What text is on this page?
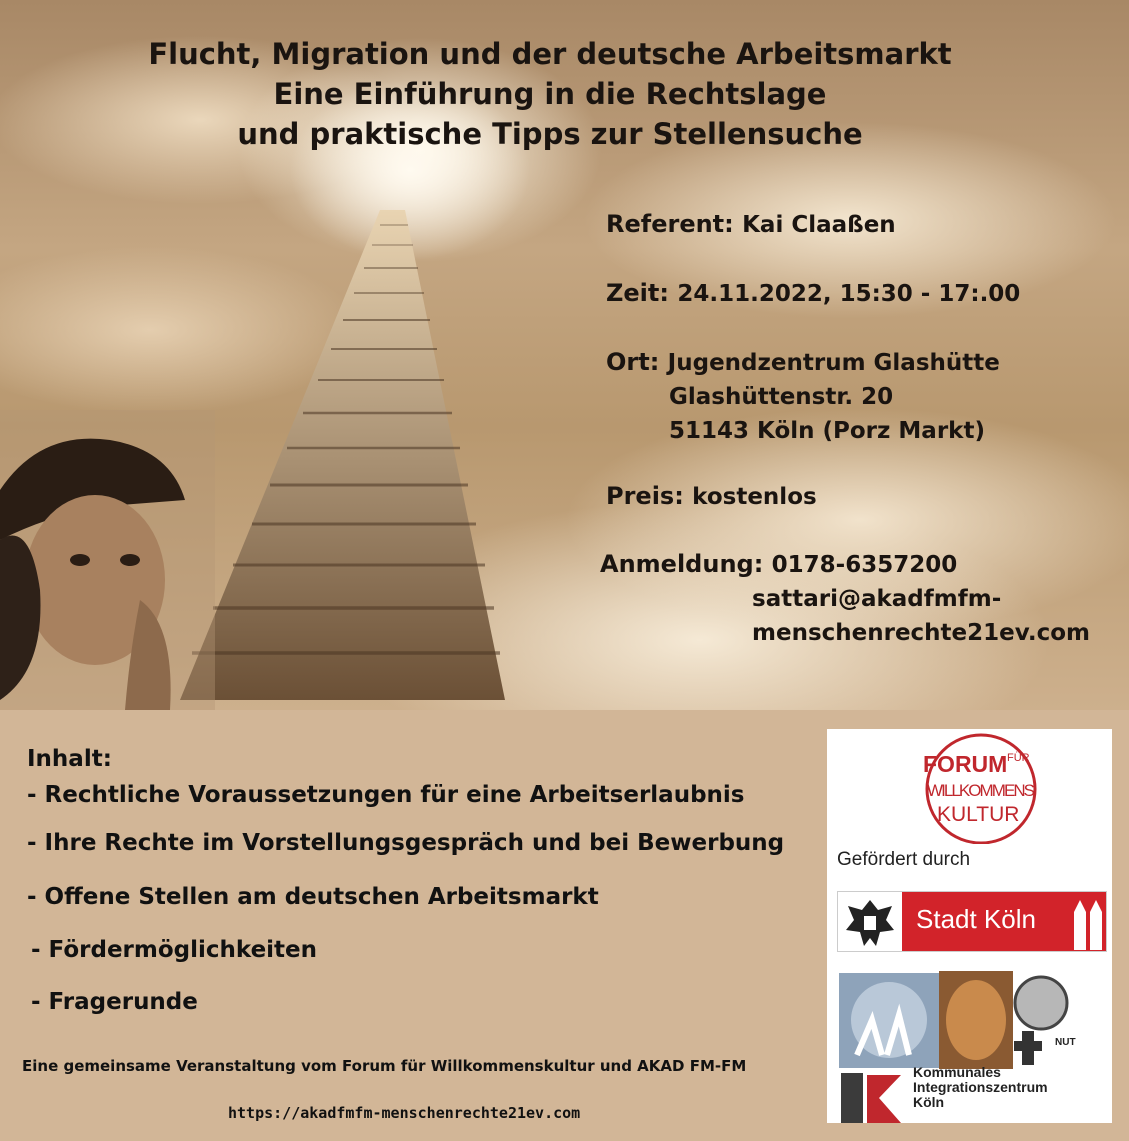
Flucht, Migration und der deutsche Arbeitsmarkt
Eine Einführung in die Rechtslage
und praktische Tipps zur Stellensuche
Referent: Kai Claaßen
Zeit: 24.11.2022, 15:30 - 17:.00
Ort: Jugendzentrum Glashütte
Glashüttenstr. 20
51143 Köln (Porz Markt)
Preis: kostenlos
Anmeldung: 0178-6357200
sattari@akadfmfm-
menschenrechte21ev.com
Inhalt:
- Rechtliche Voraussetzungen für eine Arbeitserlaubnis
- Ihre Rechte im Vorstellungsgespräch und bei Bewerbung
- Offene Stellen am deutschen Arbeitsmarkt
- Fördermöglichkeiten
- Fragerunde
Eine gemeinsame Veranstaltung vom Forum für Willkommenskultur und AKAD FM-FM
https://akadfmfm-menschenrechte21ev.com
FORUM FÜR
WILLKOMMENS
KULTUR
Gefördert durch
Stadt Köln
NUT
Kommunales
Integrationszentrum
Köln
